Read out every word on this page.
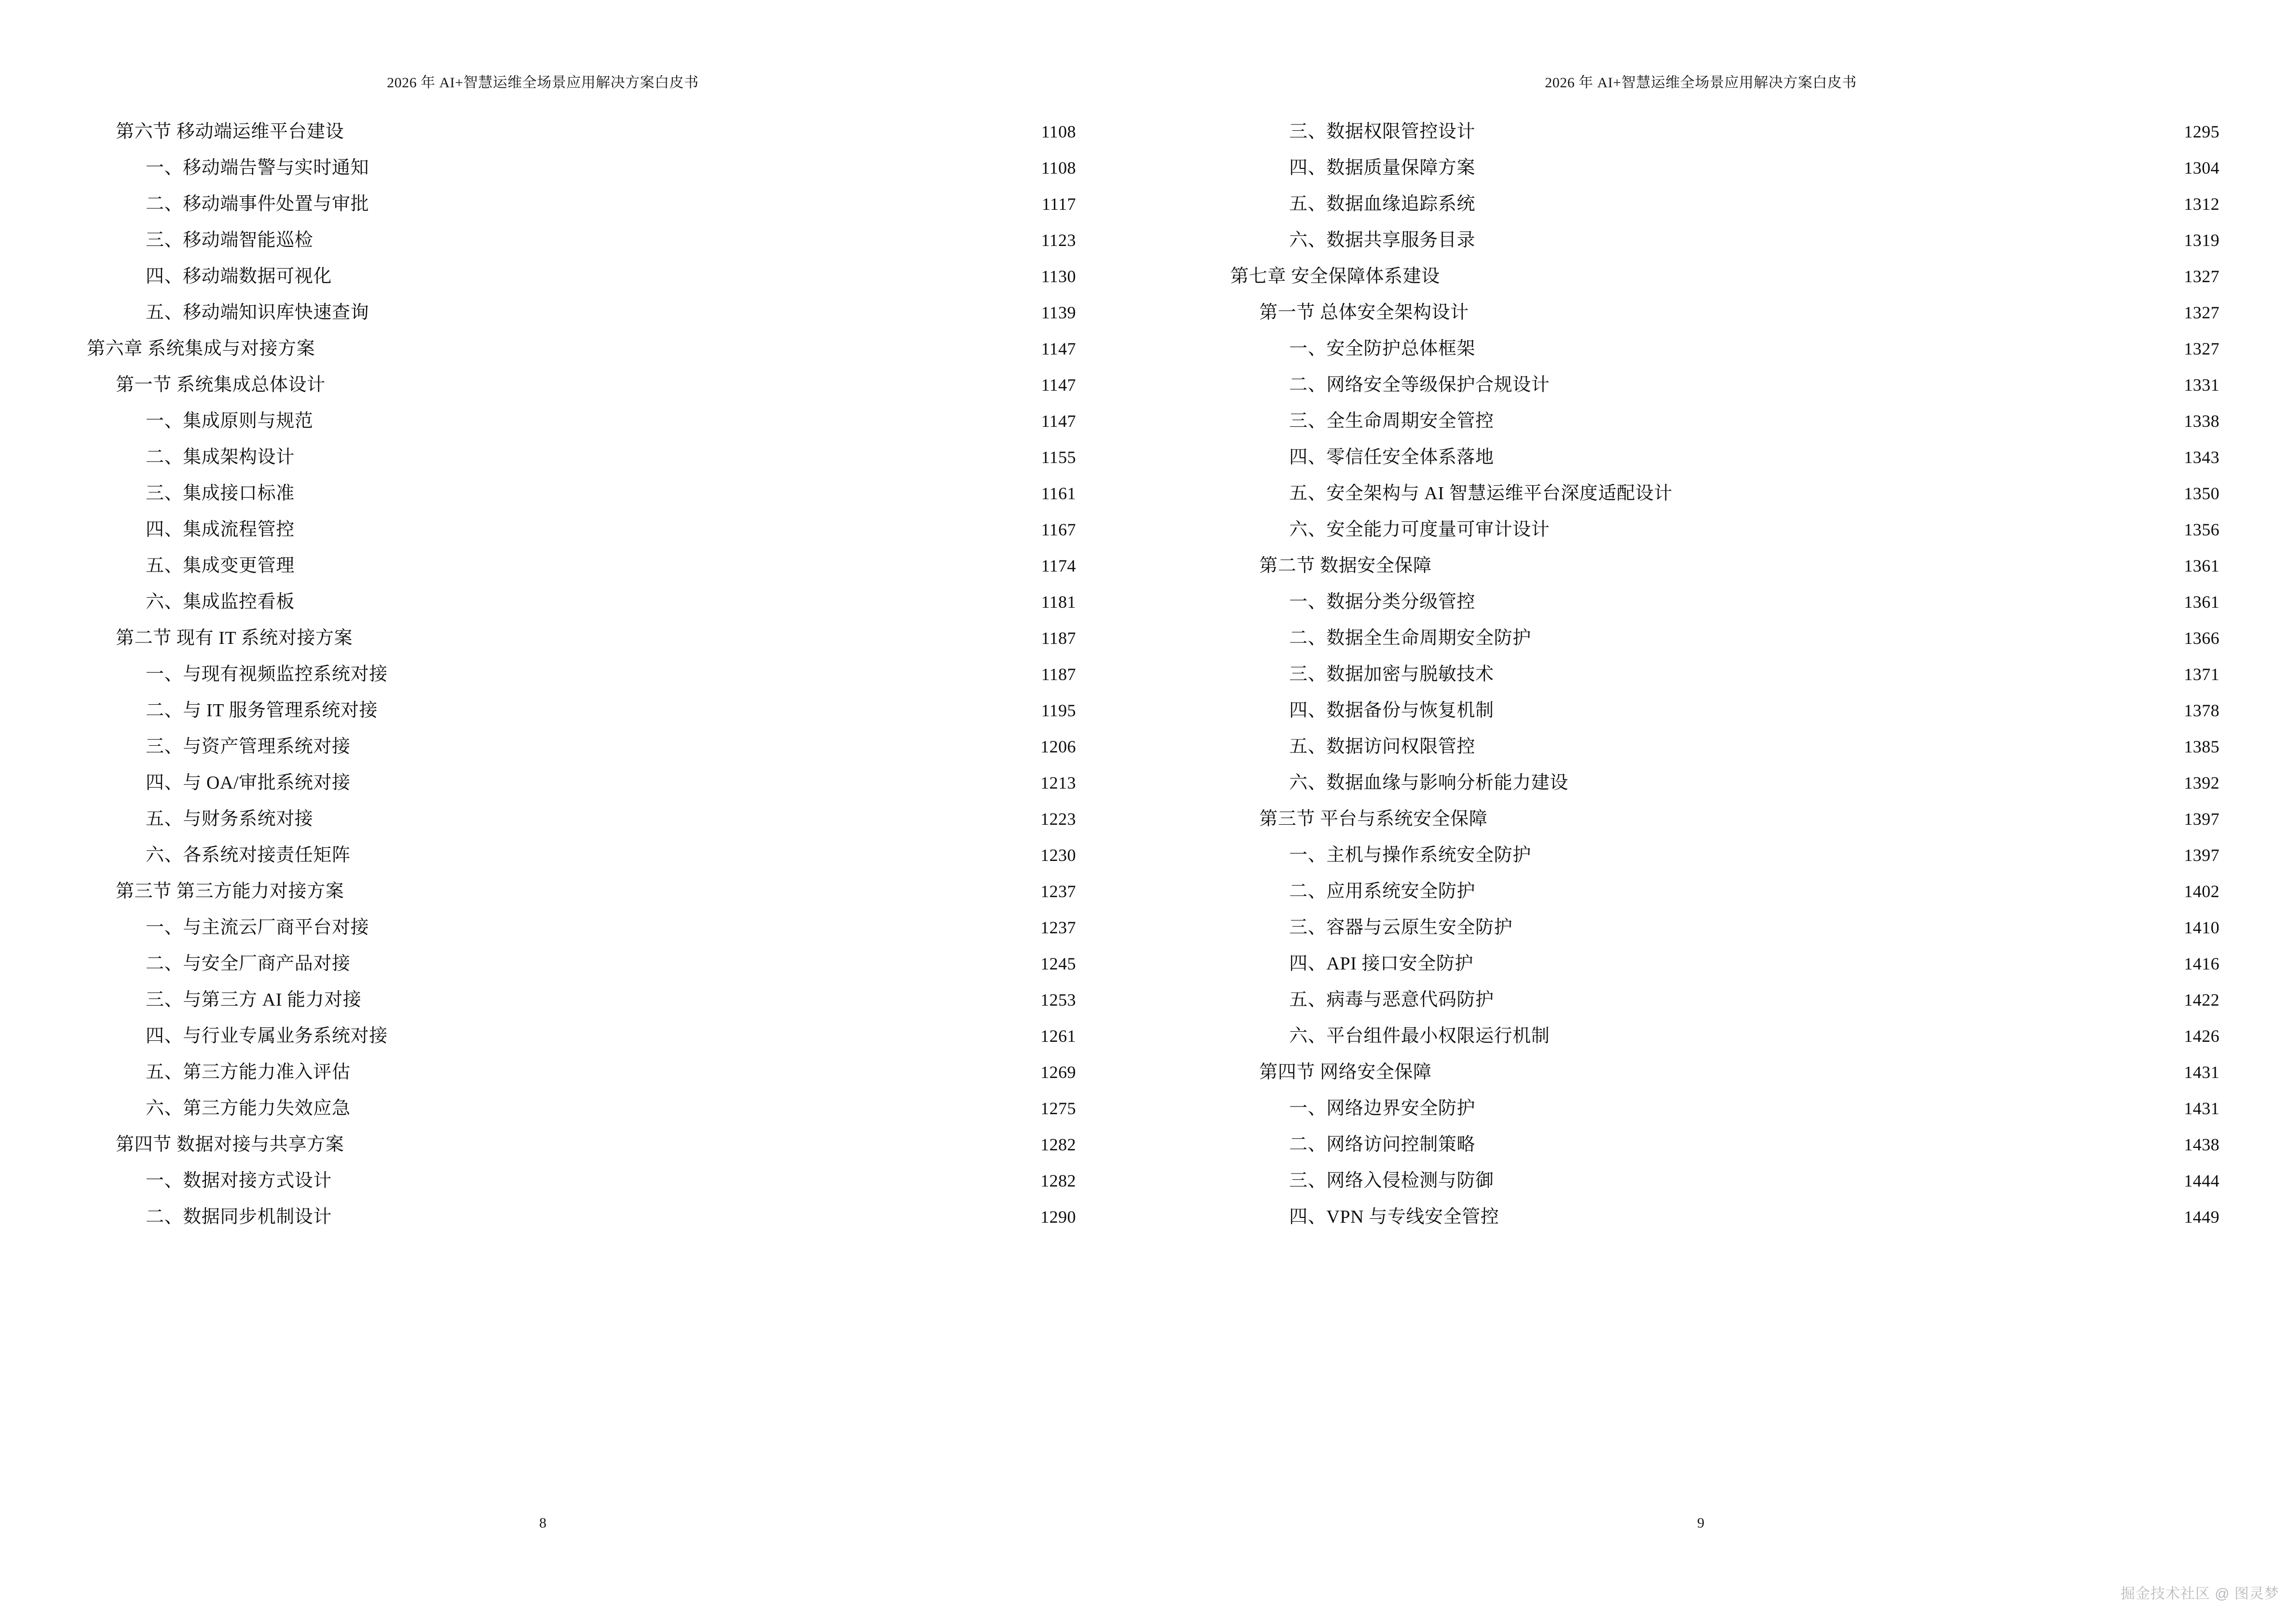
2026 年 AI+智慧运维全场景应用解决方案白皮书
第六节 移动端运维平台建设 . . .	1108
一、移动端告警与实时通知 . . .	1108
二、移动端事件处置与审批 . . .	1117
三、移动端智能巡检 . . .	1123
四、移动端数据可视化 . . .	1130
五、移动端知识库快速查询 . . .	1139
第六章 系统集成与对接方案 . . .	1147
第一节 系统集成总体设计 . . .	1147
一、集成原则与规范 . . .	1147
二、集成架构设计 . . .	1155
三、集成接口标准 . . .	1161
四、集成流程管控 . . .	1167
五、集成变更管理 . . .	1174
六、集成监控看板 . . .	1181
第二节 现有 IT 系统对接方案 . . .	1187
一、与现有视频监控系统对接 . . .	1187
二、与 IT 服务管理系统对接 . . .	1195
三、与资产管理系统对接 . . .	1206
四、与 OA/审批系统对接 . . .	1213
五、与财务系统对接 . . .	1223
六、各系统对接责任矩阵 . . .	1230
第三节 第三方能力对接方案 . . .	1237
一、与主流云厂商平台对接 . . .	1237
二、与安全厂商产品对接 . . .	1245
三、与第三方 AI 能力对接 . . .	1253
四、与行业专属业务系统对接 . . .	1261
五、第三方能力准入评估 . . .	1269
六、第三方能力失效应急 . . .	1275
第四节 数据对接与共享方案 . . .	1282
一、数据对接方式设计 . . .	1282
二、数据同步机制设计 . . .	1290
8
2026 年 AI+智慧运维全场景应用解决方案白皮书
三、数据权限管控设计 . . .	1295
四、数据质量保障方案 . . .	1304
五、数据血缘追踪系统 . . .	1312
六、数据共享服务目录 . . .	1319
第七章 安全保障体系建设 . . .	1327
第一节 总体安全架构设计 . . .	1327
一、安全防护总体框架 . . .	1327
二、网络安全等级保护合规设计 . . .	1331
三、全生命周期安全管控 . . .	1338
四、零信任安全体系落地 . . .	1343
五、安全架构与 AI 智慧运维平台深度适配设计 . . .	1350
六、安全能力可度量可审计设计 . . .	1356
第二节 数据安全保障 . . .	1361
一、数据分类分级管控 . . .	1361
二、数据全生命周期安全防护 . . .	1366
三、数据加密与脱敏技术 . . .	1371
四、数据备份与恢复机制 . . .	1378
五、数据访问权限管控 . . .	1385
六、数据血缘与影响分析能力建设 . . .	1392
第三节 平台与系统安全保障 . . .	1397
一、主机与操作系统安全防护 . . .	1397
二、应用系统安全防护 . . .	1402
三、容器与云原生安全防护 . . .	1410
四、API 接口安全防护 . . .	1416
五、病毒与恶意代码防护 . . .	1422
六、平台组件最小权限运行机制 . . .	1426
第四节 网络安全保障 . . .	1431
一、网络边界安全防护 . . .	1431
二、网络访问控制策略 . . .	1438
三、网络入侵检测与防御 . . .	1444
四、VPN 与专线安全管控 . . .	1449
9
掘金技术社区 @ 图灵梦
